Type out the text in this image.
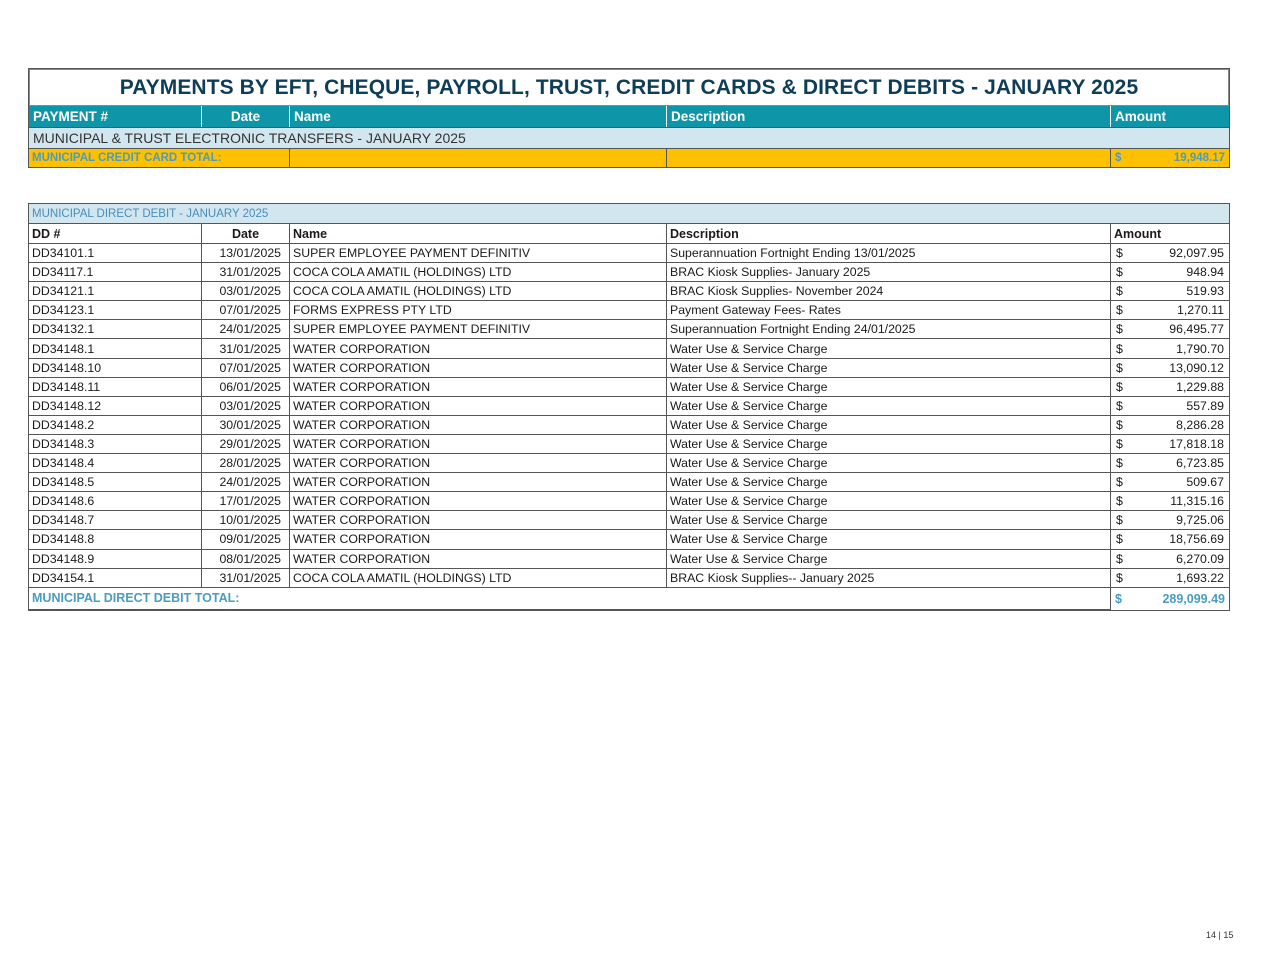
PAYMENTS BY EFT, CHEQUE, PAYROLL, TRUST, CREDIT CARDS & DIRECT DEBITS - JANUARY 2025
PAYMENT #	Date	Name	Description	Amount
MUNICIPAL & TRUST ELECTRONIC TRANSFERS - JANUARY 2025
MUNICIPAL CREDIT CARD TOTAL:	$	19,948.17
MUNICIPAL DIRECT DEBIT - JANUARY 2025
DD #	Date	Name	Description	Amount
DD34101.1	13/01/2025 SUPER EMPLOYEE PAYMENT DEFINITIV	Superannuation Fortnight Ending 13/01/2025	$	92,097.95
DD34117.1	31/01/2025 COCA COLA AMATIL (HOLDINGS) LTD	BRAC Kiosk Supplies- January 2025	$	948.94
DD34121.1	03/01/2025 COCA COLA AMATIL (HOLDINGS) LTD	BRAC Kiosk Supplies- November 2024	$	519.93
DD34123.1	07/01/2025 FORMS EXPRESS PTY LTD	Payment Gateway Fees- Rates	$	1,270.11
DD34132.1	24/01/2025 SUPER EMPLOYEE PAYMENT DEFINITIV	Superannuation Fortnight Ending 24/01/2025	$	96,495.77
DD34148.1	31/01/2025 WATER CORPORATION	Water Use & Service Charge	$	1,790.70
DD34148.10	07/01/2025 WATER CORPORATION	Water Use & Service Charge	$	13,090.12
DD34148.11	06/01/2025 WATER CORPORATION	Water Use & Service Charge	$	1,229.88
DD34148.12	03/01/2025 WATER CORPORATION	Water Use & Service Charge	$	557.89
DD34148.2	30/01/2025 WATER CORPORATION	Water Use & Service Charge	$	8,286.28
DD34148.3	29/01/2025 WATER CORPORATION	Water Use & Service Charge	$	17,818.18
DD34148.4	28/01/2025 WATER CORPORATION	Water Use & Service Charge	$	6,723.85
DD34148.5	24/01/2025 WATER CORPORATION	Water Use & Service Charge	$	509.67
DD34148.6	17/01/2025 WATER CORPORATION	Water Use & Service Charge	$	11,315.16
DD34148.7	10/01/2025 WATER CORPORATION	Water Use & Service Charge	$	9,725.06
DD34148.8	09/01/2025 WATER CORPORATION	Water Use & Service Charge	$	18,756.69
DD34148.9	08/01/2025 WATER CORPORATION	Water Use & Service Charge	$	6,270.09
DD34154.1	31/01/2025 COCA COLA AMATIL (HOLDINGS) LTD	BRAC Kiosk Supplies-- January 2025	$	1,693.22
MUNICIPAL DIRECT DEBIT TOTAL:	$	289,099.49
14 | 15
